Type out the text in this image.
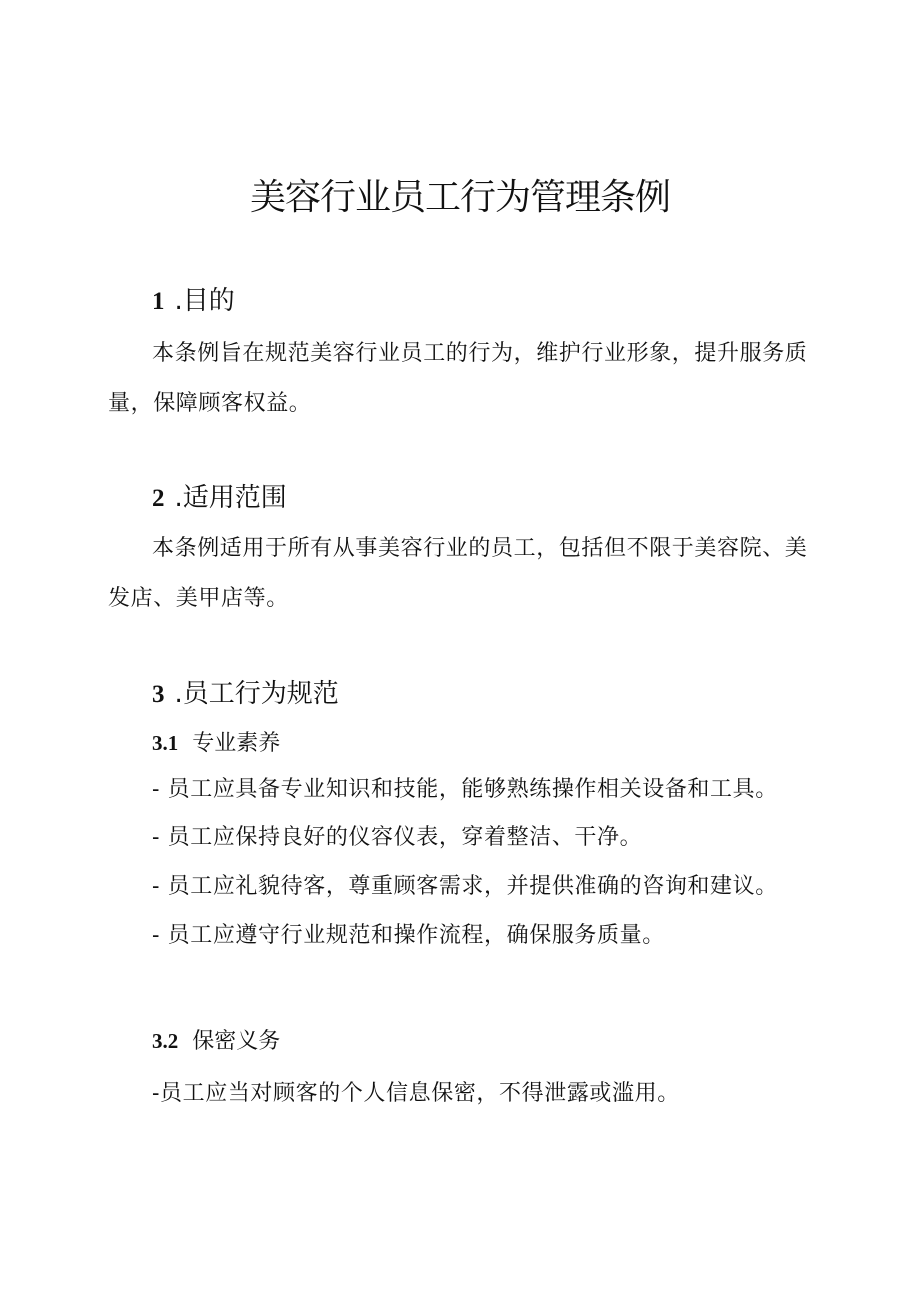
美容行业员工行为管理条例
1 .目的

本条例旨在规范美容行业员工的行为，维护行业形象，提升服务质量，保障顾客权益。

2 .适用范围

本条例适用于所有从事美容行业的员工，包括但不限于美容院、美发店、美甲店等。

3 .员工行为规范
3.1 专业素养

- 员工应具备专业知识和技能，能够熟练操作相关设备和工具。

- 员工应保持良好的仪容仪表，穿着整洁、干净。

- 员工应礼貌待客，尊重顾客需求，并提供准确的咨询和建议。

- 员工应遵守行业规范和操作流程，确保服务质量。

3.2 保密义务

-员工应当对顾客的个人信息保密，不得泄露或滥用。
